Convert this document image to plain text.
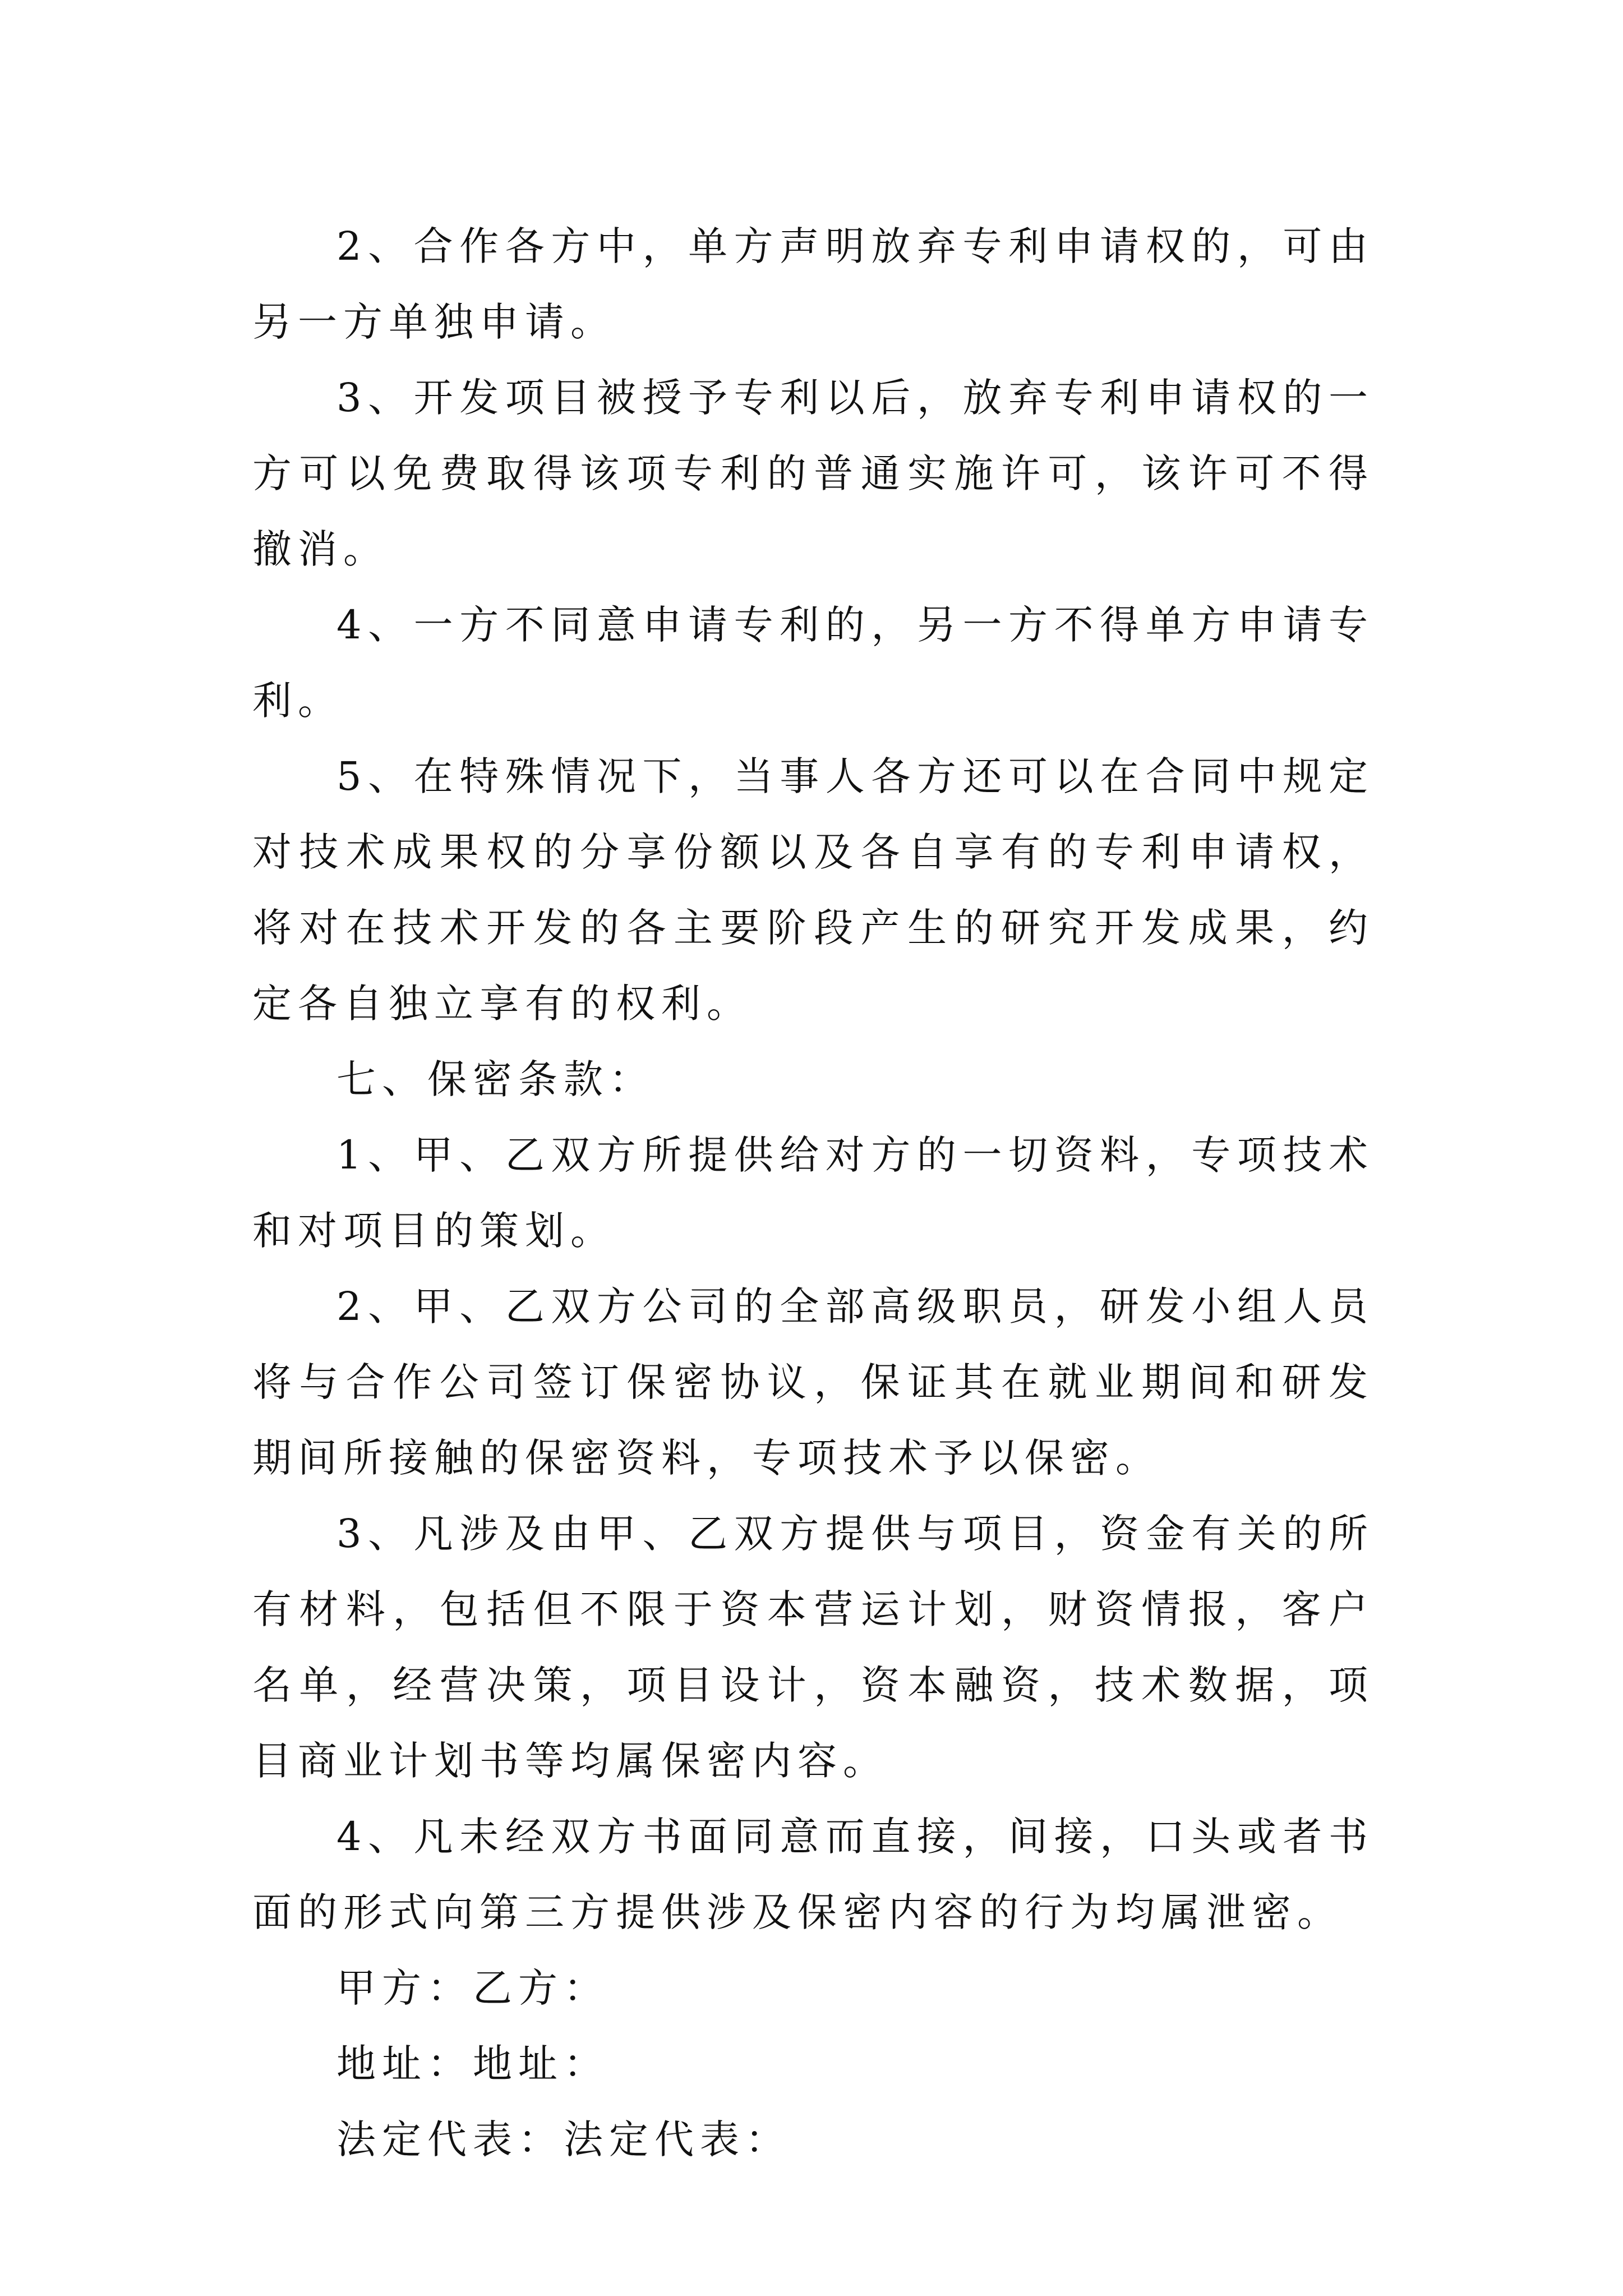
2、合作各方中，单方声明放弃专利申请权的，可由另一方单独申请。

3、开发项目被授予专利以后，放弃专利申请权的一方可以免费取得该项专利的普通实施许可，该许可不得撤消。

4、一方不同意申请专利的，另一方不得单方申请专利。

5、在特殊情况下，当事人各方还可以在合同中规定对技术成果权的分享份额以及各自享有的专利申请权，将对在技术开发的各主要阶段产生的研究开发成果，约定各自独立享有的权利。

七、保密条款：

1、甲、乙双方所提供给对方的一切资料，专项技术和对项目的策划。

2、甲、乙双方公司的全部高级职员，研发小组人员将与合作公司签订保密协议，保证其在就业期间和研发期间所接触的保密资料，专项技术予以保密。

3、凡涉及由甲、乙双方提供与项目，资金有关的所有材料，包括但不限于资本营运计划，财资情报，客户名单，经营决策，项目设计，资本融资，技术数据，项目商业计划书等均属保密内容。

4、凡未经双方书面同意而直接，间接，口头或者书面的形式向第三方提供涉及保密内容的行为均属泄密。

甲方：乙方：

地址：地址：

法定代表：法定代表：
